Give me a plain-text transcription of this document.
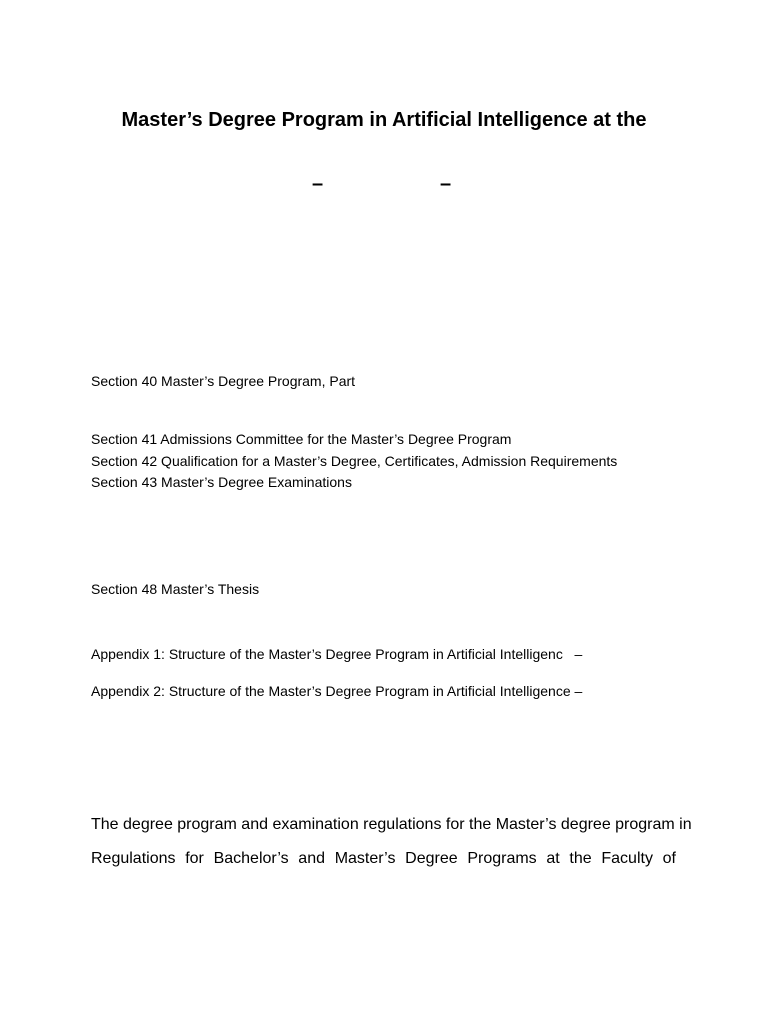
Master’s Degree Program in Artificial Intelligence at the
–	–
Section 40 Master’s Degree Program, Part
Section 41 Admissions Committee for the Master’s Degree Program
Section 42 Qualification for a Master’s Degree, Certificates, Admission Requirements
Section 43 Master’s Degree Examinations
Section 48 Master’s Thesis
Appendix 1: Structure of the Master’s Degree Program in Artificial Intelligenc   –
Appendix 2: Structure of the Master’s Degree Program in Artificial Intelligence –
The degree program and examination regulations for the Master’s degree program in
Regulations for Bachelor’s and Master’s Degree Programs at the Faculty of
